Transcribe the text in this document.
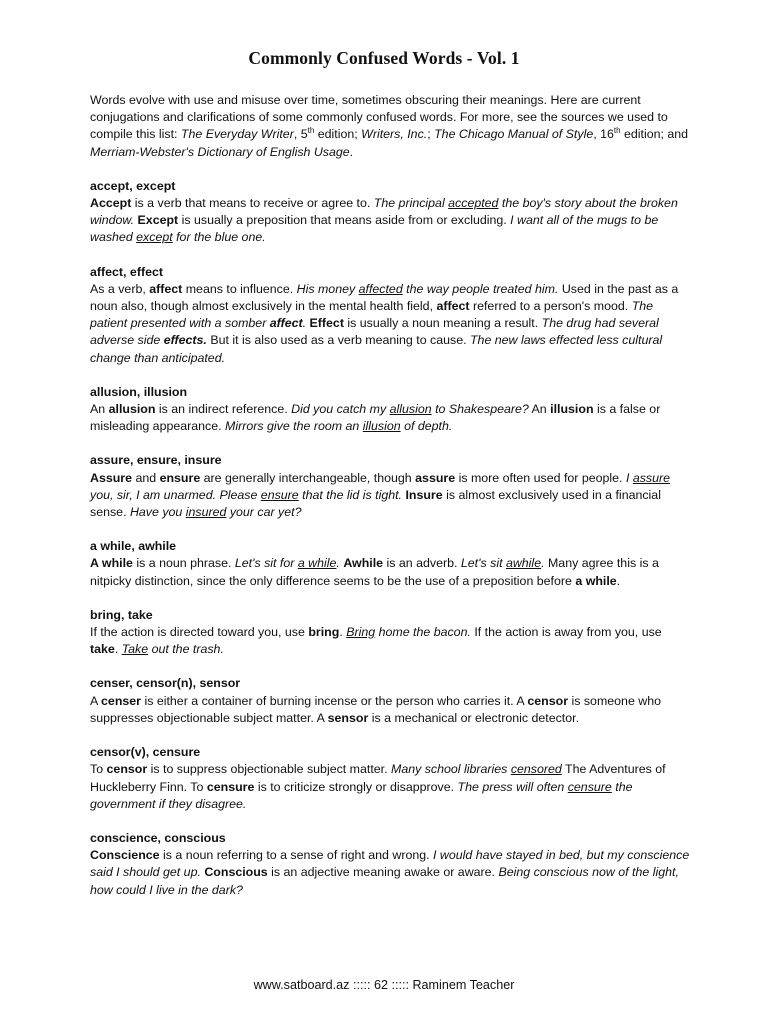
Commonly Confused Words - Vol. 1

Words evolve with use and misuse over time, sometimes obscuring their meanings. Here are current conjugations and clarifications of some commonly confused words. For more, see the sources we used to compile this list: The Everyday Writer, 5th edition; Writers, Inc.; The Chicago Manual of Style, 16th edition; and Merriam-Webster's Dictionary of English Usage.

accept, except

Accept is a verb that means to receive or agree to. The principal accepted the boy's story about the broken window. Except is usually a preposition that means aside from or excluding. I want all of the mugs to be washed except for the blue one.

affect, effect

As a verb, affect means to influence. His money affected the way people treated him. Used in the past as a noun also, though almost exclusively in the mental health field, affect referred to a person's mood. The patient presented with a somber affect. Effect is usually a noun meaning a result. The drug had several adverse side effects. But it is also used as a verb meaning to cause. The new laws effected less cultural change than anticipated.

allusion, illusion

An allusion is an indirect reference. Did you catch my allusion to Shakespeare? An illusion is a false or misleading appearance. Mirrors give the room an illusion of depth.

assure, ensure, insure

Assure and ensure are generally interchangeable, though assure is more often used for people. I assure you, sir, I am unarmed. Please ensure that the lid is tight. Insure is almost exclusively used in a financial sense. Have you insured your car yet?

a while, awhile

A while is a noun phrase. Let's sit for a while. Awhile is an adverb. Let's sit awhile. Many agree this is a nitpicky distinction, since the only difference seems to be the use of a preposition before a while.

bring, take

If the action is directed toward you, use bring. Bring home the bacon. If the action is away from you, use take. Take out the trash.

censer, censor(n), sensor

A censer is either a container of burning incense or the person who carries it. A censor is someone who suppresses objectionable subject matter. A sensor is a mechanical or electronic detector.

censor(v), censure

To censor is to suppress objectionable subject matter. Many school libraries censored The Adventures of Huckleberry Finn. To censure is to criticize strongly or disapprove. The press will often censure the government if they disagree.

conscience, conscious

Conscience is a noun referring to a sense of right and wrong. I would have stayed in bed, but my conscience said I should get up. Conscious is an adjective meaning awake or aware. Being conscious now of the light, how could I live in the dark?

www.satboard.az ::::: 62 ::::: Raminem Teacher
